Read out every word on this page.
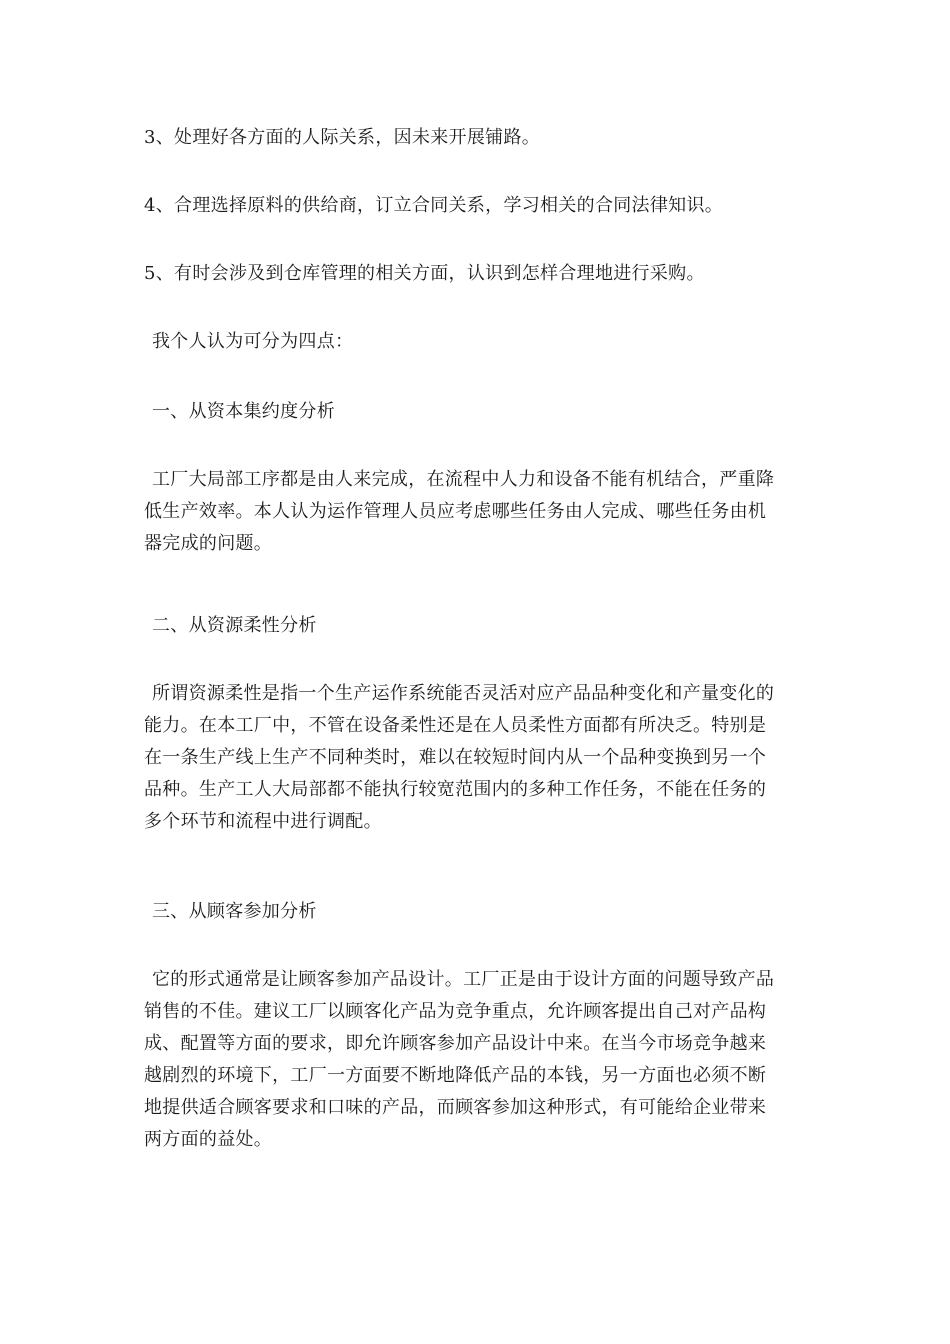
3、处理好各方面的人际关系，因未来开展铺路。

4、合理选择原料的供给商，订立合同关系，学习相关的合同法律知识。

5、有时会涉及到仓库管理的相关方面，认识到怎样合理地进行采购。

我个人认为可分为四点：

一、从资本集约度分析

工厂大局部工序都是由人来完成，在流程中人力和设备不能有机结合，严重降
低生产效率。本人认为运作管理人员应考虑哪些任务由人完成、哪些任务由机
器完成的问题。

二、从资源柔性分析

所谓资源柔性是指一个生产运作系统能否灵活对应产品品种变化和产量变化的
能力。在本工厂中，不管在设备柔性还是在人员柔性方面都有所决乏。特别是
在一条生产线上生产不同种类时，难以在较短时间内从一个品种变换到另一个
品种。生产工人大局部都不能执行较宽范围内的多种工作任务，不能在任务的
多个环节和流程中进行调配。

三、从顾客参加分析

它的形式通常是让顾客参加产品设计。工厂正是由于设计方面的问题导致产品
销售的不佳。建议工厂以顾客化产品为竞争重点，允许顾客提出自己对产品构
成、配置等方面的要求，即允许顾客参加产品设计中来。在当今市场竞争越来
越剧烈的环境下，工厂一方面要不断地降低产品的本钱，另一方面也必须不断
地提供适合顾客要求和口味的产品，而顾客参加这种形式，有可能给企业带来
两方面的益处。
